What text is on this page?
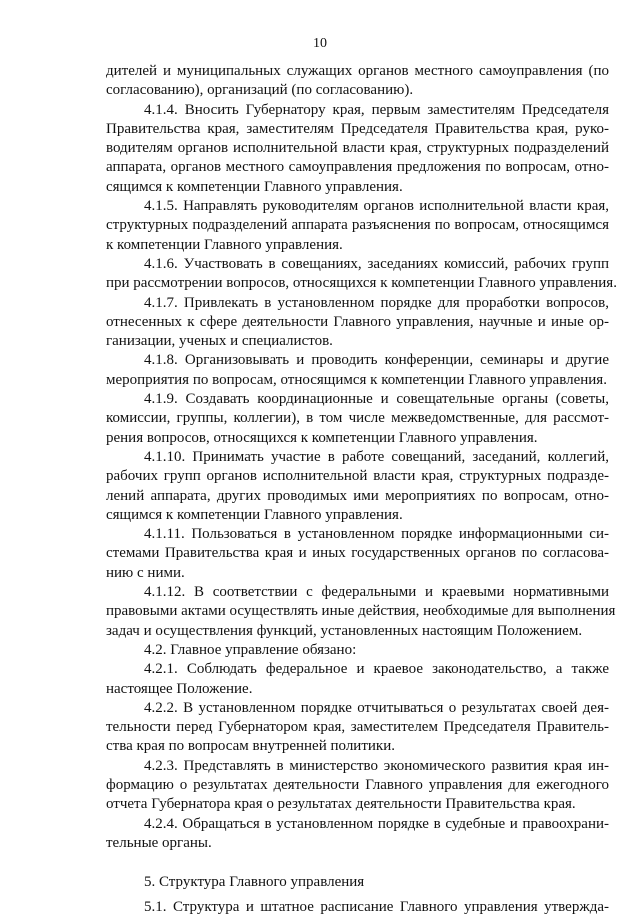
10
дителей и муниципальных служащих органов местного самоуправления (по
согласованию), организаций (по согласованию).
4.1.4. Вносить Губернатору края, первым заместителям Председателя
Правительства края, заместителям Председателя Правительства края, руко-
водителям органов исполнительной власти края, структурных подразделений
аппарата, органов местного самоуправления предложения по вопросам, отно-
сящимся к компетенции Главного управления.
4.1.5. Направлять руководителям органов исполнительной власти края,
структурных подразделений аппарата разъяснения по вопросам, относящимся
к компетенции Главного управления.
4.1.6. Участвовать в совещаниях, заседаниях комиссий, рабочих групп
при рассмотрении вопросов, относящихся к компетенции Главного управления.
4.1.7. Привлекать в установленном порядке для проработки вопросов,
отнесенных к сфере деятельности Главного управления, научные и иные ор-
ганизации, ученых и специалистов.
4.1.8. Организовывать и проводить конференции, семинары и другие
мероприятия по вопросам, относящимся к компетенции Главного управления.
4.1.9. Создавать координационные и совещательные органы (советы,
комиссии, группы, коллегии), в том числе межведомственные, для рассмот-
рения вопросов, относящихся к компетенции Главного управления.
4.1.10. Принимать участие в работе совещаний, заседаний, коллегий,
рабочих групп органов исполнительной власти края, структурных подразде-
лений аппарата, других проводимых ими мероприятиях по вопросам, отно-
сящимся к компетенции Главного управления.
4.1.11. Пользоваться в установленном порядке информационными си-
стемами Правительства края и иных государственных органов по согласова-
нию с ними.
4.1.12. В соответствии с федеральными и краевыми нормативными
правовыми актами осуществлять иные действия, необходимые для выполнения
задач и осуществления функций, установленных настоящим Положением.
4.2. Главное управление обязано:
4.2.1. Соблюдать федеральное и краевое законодательство, а также
настоящее Положение.
4.2.2. В установленном порядке отчитываться о результатах своей дея-
тельности перед Губернатором края, заместителем Председателя Правитель-
ства края по вопросам внутренней политики.
4.2.3. Представлять в министерство экономического развития края ин-
формацию о результатах деятельности Главного управления для ежегодного
отчета Губернатора края о результатах деятельности Правительства края.
4.2.4. Обращаться в установленном порядке в судебные и правоохрани-
тельные органы.
5. Структура Главного управления
5.1. Структура и штатное расписание Главного управления утвержда-
